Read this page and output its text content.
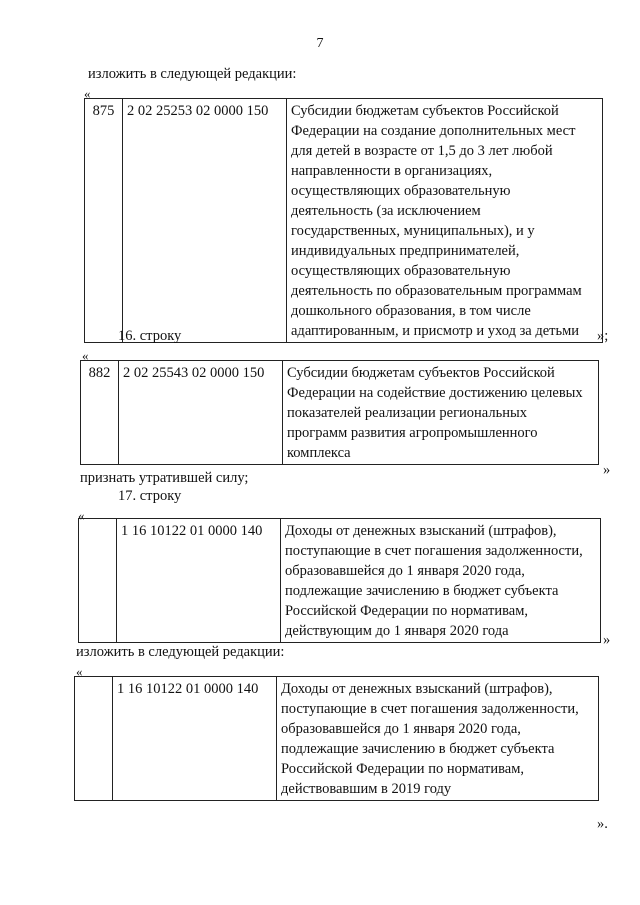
7
изложить в следующей редакции:
«
875	2 02 25253 02 0000 150	Субсидии бюджетам субъектов Российской
Федерации на создание дополнительных мест
для детей в возрасте от 1,5 до 3 лет любой
направленности в организациях,
осуществляющих образовательную
деятельность (за исключением
государственных, муниципальных), и у
индивидуальных предпринимателей,
осуществляющих образовательную
деятельность по образовательным программам
дошкольного образования, в том числе
адаптированным, и присмотр и уход за детьми	»;
16. строку
«
882	2 02 25543 02 0000 150	Субсидии бюджетам субъектов Российской
Федерации на содействие достижению целевых
показателей реализации региональных
программ развития агропромышленного
комплекса
»
признать утратившей силу;
17. строку
«
	1 16 10122 01 0000 140	Доходы от денежных взысканий (штрафов),
поступающие в счет погашения задолженности,
образовавшейся до 1 января 2020 года,
подлежащие зачислению в бюджет субъекта
Российской Федерации по нормативам,
действующим до 1 января 2020 года
»
изложить в следующей редакции:
«
	1 16 10122 01 0000 140	Доходы от денежных взысканий (штрафов),
поступающие в счет погашения задолженности,
образовавшейся до 1 января 2020 года,
подлежащие зачислению в бюджет субъекта
Российской Федерации по нормативам,
действовавшим в 2019 году
».
